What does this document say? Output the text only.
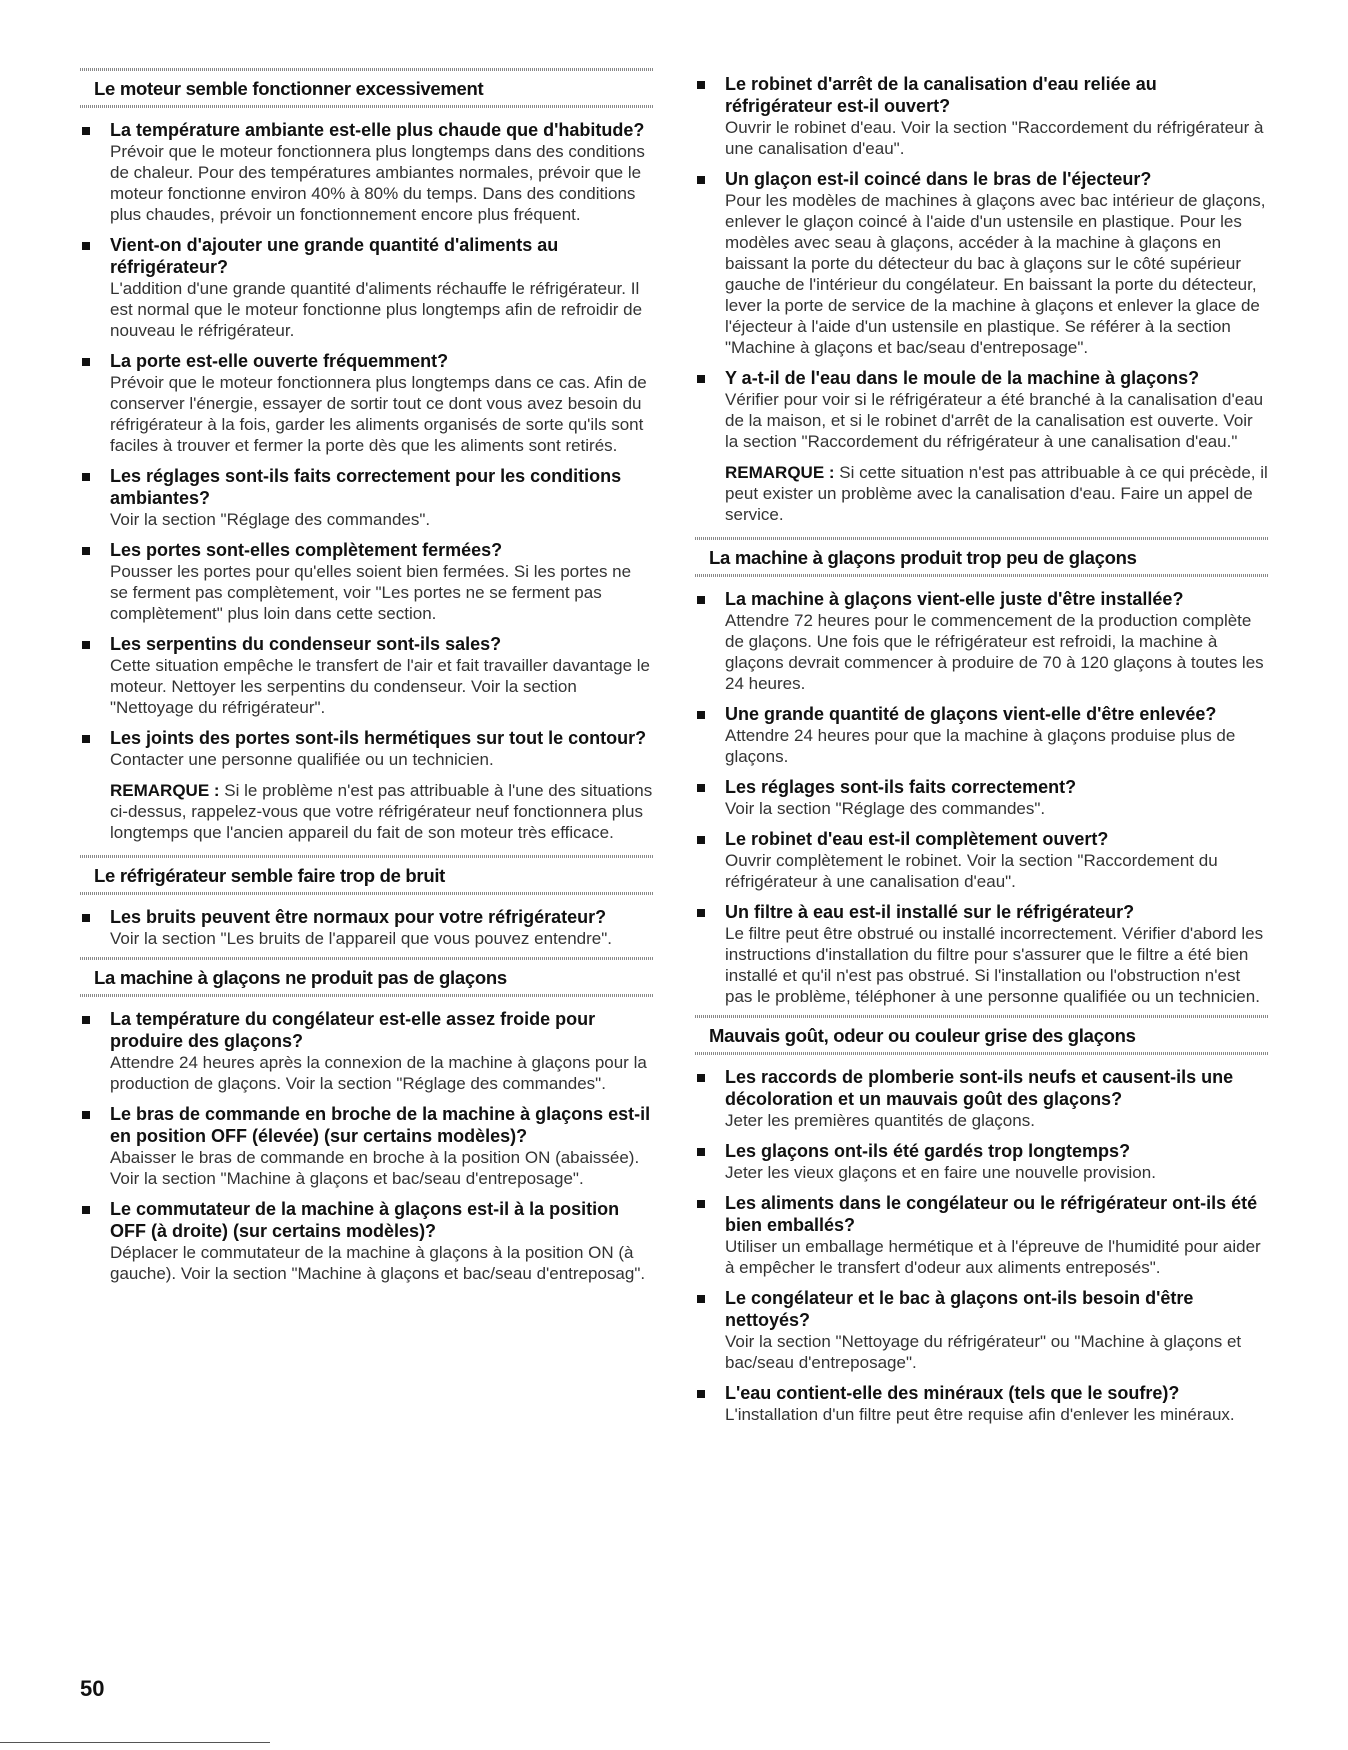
Le moteur semble fonctionner excessivement
La température ambiante est-elle plus chaude que d'habitude?
Prévoir que le moteur fonctionnera plus longtemps dans des conditions de chaleur. Pour des températures ambiantes normales, prévoir que le moteur fonctionne environ 40% à 80% du temps. Dans des conditions plus chaudes, prévoir un fonctionnement encore plus fréquent.
Vient-on d'ajouter une grande quantité d'aliments au réfrigérateur?
L'addition d'une grande quantité d'aliments réchauffe le réfrigérateur. Il est normal que le moteur fonctionne plus longtemps afin de refroidir de nouveau le réfrigérateur.
La porte est-elle ouverte fréquemment?
Prévoir que le moteur fonctionnera plus longtemps dans ce cas. Afin de conserver l'énergie, essayer de sortir tout ce dont vous avez besoin du réfrigérateur à la fois, garder les aliments organisés de sorte qu'ils sont faciles à trouver et fermer la porte dès que les aliments sont retirés.
Les réglages sont-ils faits correctement pour les conditions ambiantes?
Voir la section "Réglage des commandes".
Les portes sont-elles complètement fermées?
Pousser les portes pour qu'elles soient bien fermées. Si les portes ne se ferment pas complètement, voir "Les portes ne se ferment pas complètement" plus loin dans cette section.
Les serpentins du condenseur sont-ils sales?
Cette situation empêche le transfert de l'air et fait travailler davantage le moteur. Nettoyer les serpentins du condenseur. Voir la section "Nettoyage du réfrigérateur".
Les joints des portes sont-ils hermétiques sur tout le contour?
Contacter une personne qualifiée ou un technicien.
REMARQUE : Si le problème n'est pas attribuable à l'une des situations ci-dessus, rappelez-vous que votre réfrigérateur neuf fonctionnera plus longtemps que l'ancien appareil du fait de son moteur très efficace.
Le réfrigérateur semble faire trop de bruit
Les bruits peuvent être normaux pour votre réfrigérateur?
Voir la section "Les bruits de l'appareil que vous pouvez entendre".
La machine à glaçons ne produit pas de glaçons
La température du congélateur est-elle assez froide pour produire des glaçons?
Attendre 24 heures après la connexion de la machine à glaçons pour la production de glaçons. Voir la section "Réglage des commandes".
Le bras de commande en broche de la machine à glaçons est-il en position OFF (élevée) (sur certains modèles)?
Abaisser le bras de commande en broche à la position ON (abaissée). Voir la section "Machine à glaçons et bac/seau d'entreposage".
Le commutateur de la machine à glaçons est-il à la position OFF (à droite) (sur certains modèles)?
Déplacer le commutateur de la machine à glaçons à la position ON (à gauche). Voir la section "Machine à glaçons et bac/seau d'entreposag".
Le robinet d'arrêt de la canalisation d'eau reliée au réfrigérateur est-il ouvert?
Ouvrir le robinet d'eau. Voir la section "Raccordement du réfrigérateur à une canalisation d'eau".
Un glaçon est-il coincé dans le bras de l'éjecteur?
Pour les modèles de machines à glaçons avec bac intérieur de glaçons, enlever le glaçon coincé à l'aide d'un ustensile en plastique. Pour les modèles avec seau à glaçons, accéder à la machine à glaçons en baissant la porte du détecteur du bac à glaçons sur le côté supérieur gauche de l'intérieur du congélateur. En baissant la porte du détecteur, lever la porte de service de la machine à glaçons et enlever la glace de l'éjecteur à l'aide d'un ustensile en plastique. Se référer à la section "Machine à glaçons et bac/seau d'entreposage".
Y a-t-il de l'eau dans le moule de la machine à glaçons?
Vérifier pour voir si le réfrigérateur a été branché à la canalisation d'eau de la maison, et si le robinet d'arrêt de la canalisation est ouverte. Voir la section "Raccordement du réfrigérateur à une canalisation d'eau."
REMARQUE : Si cette situation n'est pas attribuable à ce qui précède, il peut exister un problème avec la canalisation d'eau. Faire un appel de service.
La machine à glaçons produit trop peu de glaçons
La machine à glaçons vient-elle juste d'être installée?
Attendre 72 heures pour le commencement de la production complète de glaçons. Une fois que le réfrigérateur est refroidi, la machine à glaçons devrait commencer à produire de 70 à 120 glaçons à toutes les 24 heures.
Une grande quantité de glaçons vient-elle d'être enlevée?
Attendre 24 heures pour que la machine à glaçons produise plus de glaçons.
Les réglages sont-ils faits correctement?
Voir la section "Réglage des commandes".
Le robinet d'eau est-il complètement ouvert?
Ouvrir complètement le robinet. Voir la section "Raccordement du réfrigérateur à une canalisation d'eau".
Un filtre à eau est-il installé sur le réfrigérateur?
Le filtre peut être obstrué ou installé incorrectement. Vérifier d'abord les instructions d'installation du filtre pour s'assurer que le filtre a été bien installé et qu'il n'est pas obstrué. Si l'installation ou l'obstruction n'est pas le problème, téléphoner à une personne qualifiée ou un technicien.
Mauvais goût, odeur ou couleur grise des glaçons
Les raccords de plomberie sont-ils neufs et causent-ils une décoloration et un mauvais goût des glaçons?
Jeter les premières quantités de glaçons.
Les glaçons ont-ils été gardés trop longtemps?
Jeter les vieux glaçons et en faire une nouvelle provision.
Les aliments dans le congélateur ou le réfrigérateur ont-ils été bien emballés?
Utiliser un emballage hermétique et à l'épreuve de l'humidité pour aider à empêcher le transfert d'odeur aux aliments entreposés".
Le congélateur et le bac à glaçons ont-ils besoin d'être nettoyés?
Voir la section "Nettoyage du réfrigérateur" ou "Machine à glaçons et bac/seau d'entreposage".
L'eau contient-elle des minéraux (tels que le soufre)?
L'installation d'un filtre peut être requise afin d'enlever les minéraux.
50
